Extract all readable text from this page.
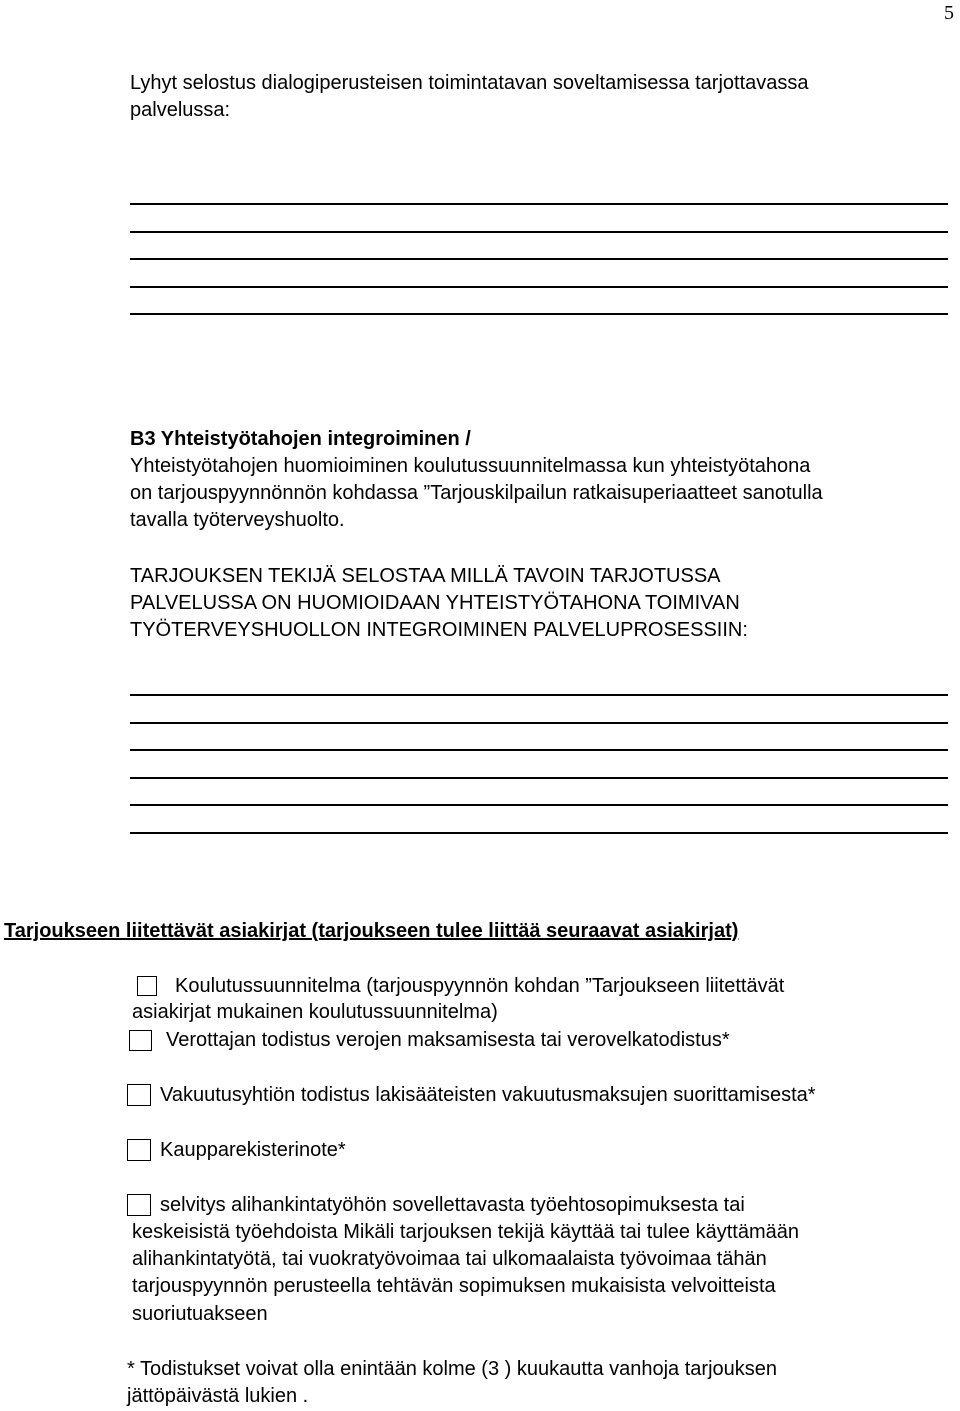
5
Lyhyt selostus dialogiperusteisen toimintatavan soveltamisessa tarjottavassa
palvelussa:
B3 Yhteistyötahojen integroiminen /
Yhteistyötahojen huomioiminen koulutussuunnitelmassa kun yhteistyötahona
on tarjouspyynnönnön kohdassa ”Tarjouskilpailun ratkaisuperiaatteet sanotulla
tavalla työterveyshuolto.
TARJOUKSEN TEKIJÄ SELOSTAA MILLÄ TAVOIN TARJOTUSSA
PALVELUSSA ON HUOMIOIDAAN YHTEISTYÖTAHONA TOIMIVAN
TYÖTERVEYSHUOLLON INTEGROIMINEN PALVELUPROSESSIIN:
Tarjoukseen liitettävät asiakirjat (tarjoukseen tulee liittää seuraavat asiakirjat)
Koulutussuunnitelma (tarjouspyynnön kohdan ”Tarjoukseen liitettävät
asiakirjat mukainen koulutussuunnitelma)
Verottajan todistus verojen maksamisesta tai verovelkatodistus*
Vakuutusyhtiön todistus lakisääteisten vakuutusmaksujen suorittamisesta*
Kaupparekisterinote*
selvitys alihankintatyöhön sovellettavasta työehtosopimuksesta tai
keskeisistä työehdoista Mikäli tarjouksen tekijä käyttää tai tulee käyttämään
alihankintatyötä, tai vuokratyövoimaa tai ulkomaalaista työvoimaa tähän
tarjouspyynnön perusteella tehtävän sopimuksen mukaisista velvoitteista
suoriutuakseen
* Todistukset voivat olla enintään kolme (3 ) kuukautta vanhoja tarjouksen
jättöpäivästä lukien .
